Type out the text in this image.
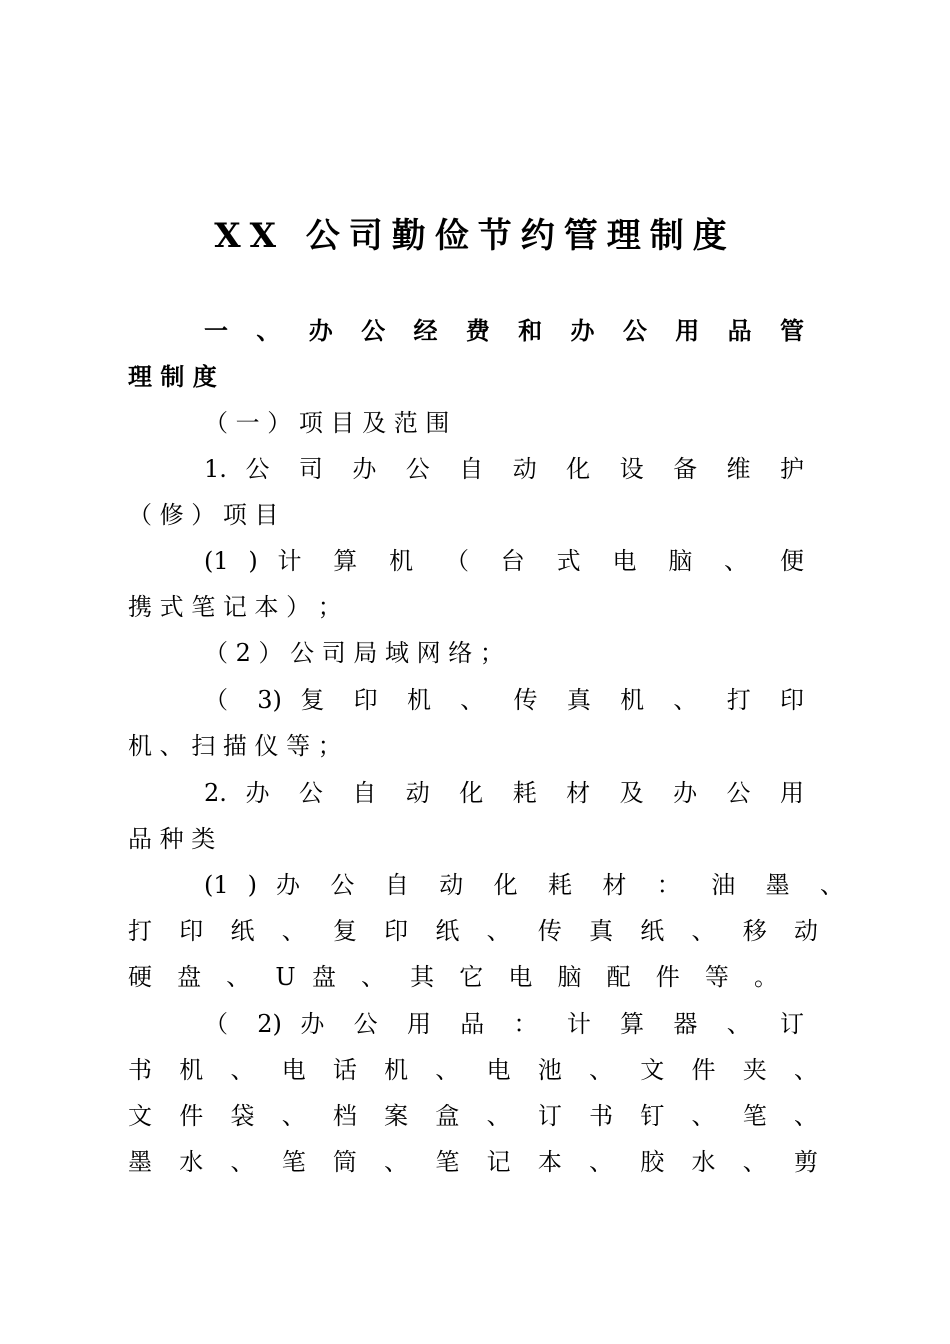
XX 公司勤俭节约管理制度
一 、 办 公 经 费 和 办 公 用 品 管
理 制 度
（ 一 ） 项 目 及 范 围
1. 公 司 办 公 自 动 化 设 备 维 护
（ 修 ） 项 目
(1 ) 计 算 机 （ 台 式 电 脑 、 便
携 式 笔 记 本 ） ；
（ 2 ） 公 司 局 域 网 络 ；
（ 3) 复 印 机 、 传 真 机 、 打 印
机 、 扫 描 仪 等 ；
2. 办 公 自 动 化 耗 材 及 办 公 用
品 种 类
(1 ) 办 公 自 动 化 耗 材 ： 油 墨 、
打 印 纸 、 复 印 纸 、 传 真 纸 、 移 动
硬 盘 、 U 盘 、 其 它 电 脑 配 件 等 。
（ 2) 办 公 用 品 ： 计 算 器 、 订
书 机 、 电 话 机 、 电 池 、 文 件 夹 、
文 件 袋 、 档 案 盒 、 订 书 钉 、 笔 、
墨 水 、 笔 筒 、 笔 记 本 、 胶 水 、 剪
